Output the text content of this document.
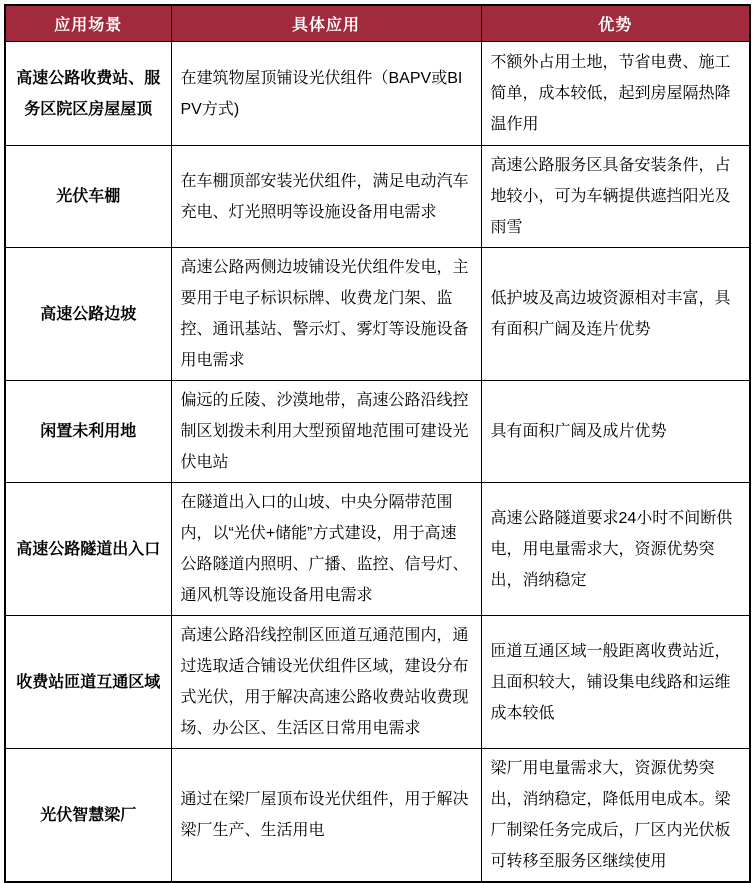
应用场景	具体应用	优势
高速公路收费站、服务区院区房屋屋顶	在建筑物屋顶铺设光伏组件（BAPV或BIPV方式)	不额外占用土地，节省电费、施工简单，成本较低，起到房屋隔热降温作用
光伏车棚	在车棚顶部安装光伏组件，满足电动汽车充电、灯光照明等设施设备用电需求	高速公路服务区具备安装条件，占地较小，可为车辆提供遮挡阳光及雨雪
高速公路边坡	高速公路两侧边坡铺设光伏组件发电，主要用于电子标识标牌、收费龙门架、监控、通讯基站、警示灯、雾灯等设施设备用电需求	低护坡及高边坡资源相对丰富，具有面积广阔及连片优势
闲置未利用地	偏远的丘陵、沙漠地带，高速公路沿线控制区划拨未利用大型预留地范围可建设光伏电站	具有面积广阔及成片优势
高速公路隧道出入口	在隧道出入口的山坡、中央分隔带范围内，以“光伏+储能”方式建设，用于高速公路隧道内照明、广播、监控、信号灯、通风机等设施设备用电需求	高速公路隧道要求24小时不间断供电，用电量需求大，资源优势突出，消纳稳定
收费站匝道互通区域	高速公路沿线控制区匝道互通范围内，通过选取适合铺设光伏组件区域，建设分布式光伏，用于解决高速公路收费站收费现场、办公区、生活区日常用电需求	匝道互通区域一般距离收费站近，且面积较大，铺设集电线路和运维成本较低
光伏智慧梁厂	通过在梁厂屋顶布设光伏组件，用于解决梁厂生产、生活用电	梁厂用电量需求大，资源优势突出，消纳稳定，降低用电成本。梁厂制梁任务完成后，厂区内光伏板可转移至服务区继续使用
